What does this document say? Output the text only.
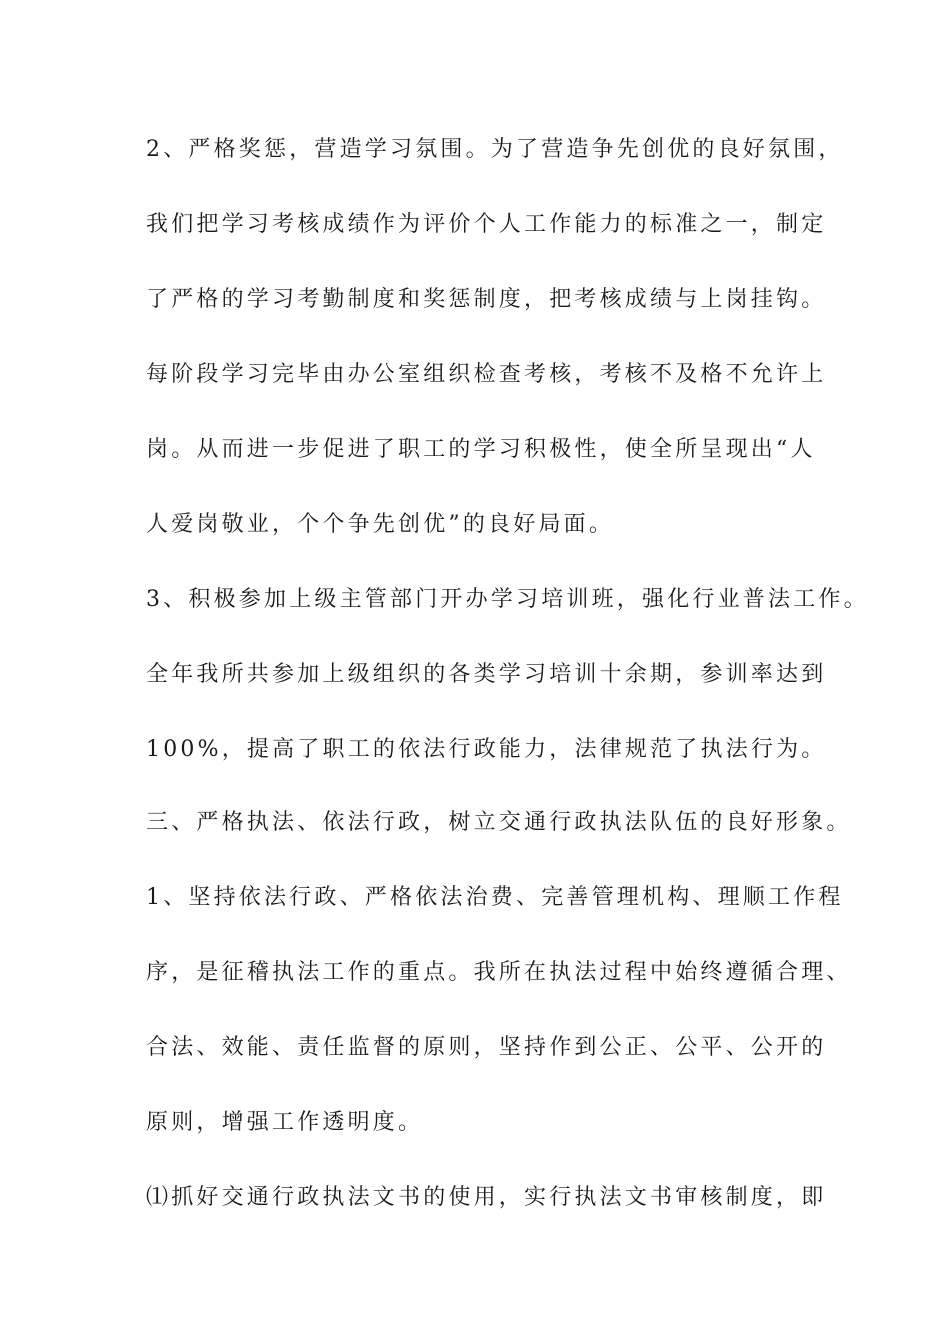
2、严格奖惩，营造学习氛围。为了营造争先创优的良好氛围，
我们把学习考核成绩作为评价个人工作能力的标准之一，制定
了严格的学习考勤制度和奖惩制度，把考核成绩与上岗挂钩。
每阶段学习完毕由办公室组织检查考核，考核不及格不允许上
岗。从而进一步促进了职工的学习积极性，使全所呈现出“人
人爱岗敬业，个个争先创优”的良好局面。
3、积极参加上级主管部门开办学习培训班，强化行业普法工作。
全年我所共参加上级组织的各类学习培训十余期，参训率达到
100%，提高了职工的依法行政能力，法律规范了执法行为。
三、严格执法、依法行政，树立交通行政执法队伍的良好形象。
1、坚持依法行政、严格依法治费、完善管理机构、理顺工作程
序，是征稽执法工作的重点。我所在执法过程中始终遵循合理、
合法、效能、责任监督的原则，坚持作到公正、公平、公开的
原则，增强工作透明度。
⑴抓好交通行政执法文书的使用，实行执法文书审核制度，即
